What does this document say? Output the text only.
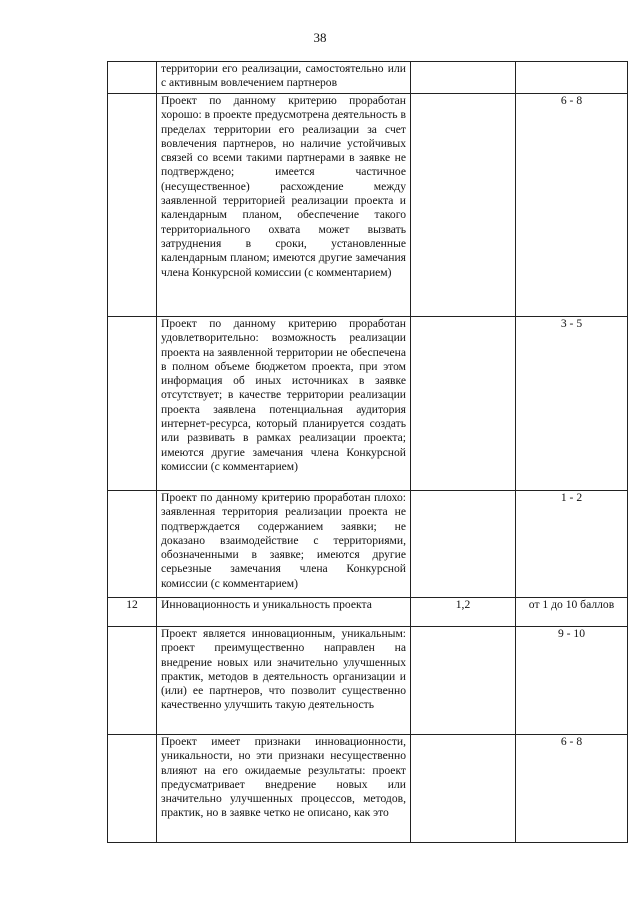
38
	территории его реализации, самостоятельно или с активным вовлечением партнеров		
	Проект по данному критерию проработан хорошо: в проекте предусмотрена деятельность в пределах территории его реализации за счет вовлечения партнеров, но наличие устойчивых связей со всеми такими партнерами в заявке не подтверждено; имеется частичное (несущественное) расхождение между заявленной территорией реализации проекта и календарным планом, обеспечение такого территориального охвата может вызвать затруднения в сроки, установленные календарным планом; имеются другие замечания члена Конкурсной комиссии (с комментарием)		6 - 8
	Проект по данному критерию проработан удовлетворительно: возможность реализации проекта на заявленной территории не обеспечена в полном объеме бюджетом проекта, при этом информация об иных источниках в заявке отсутствует; в качестве территории реализации проекта заявлена потенциальная аудитория интернет-ресурса, который планируется создать или развивать в рамках реализации проекта; имеются другие замечания члена Конкурсной комиссии (с комментарием)		3 - 5
	Проект по данному критерию проработан плохо: заявленная территория реализации проекта не подтверждается содержанием заявки; не доказано взаимодействие с территориями, обозначенными в заявке; имеются другие серьезные замечания члена Конкурсной комиссии (с комментарием)		1 - 2
12	Инновационность и уникальность проекта	1,2	от 1 до 10 баллов
	Проект является инновационным, уникальным: проект преимущественно направлен на внедрение новых или значительно улучшенных практик, методов в деятельность организации и (или) ее партнеров, что позволит существенно качественно улучшить такую деятельность		9 - 10
	Проект имеет признаки инновационности, уникальности, но эти признаки несущественно влияют на его ожидаемые результаты: проект предусматривает внедрение новых или значительно улучшенных процессов, методов, практик, но в заявке четко не описано, как это		6 - 8
